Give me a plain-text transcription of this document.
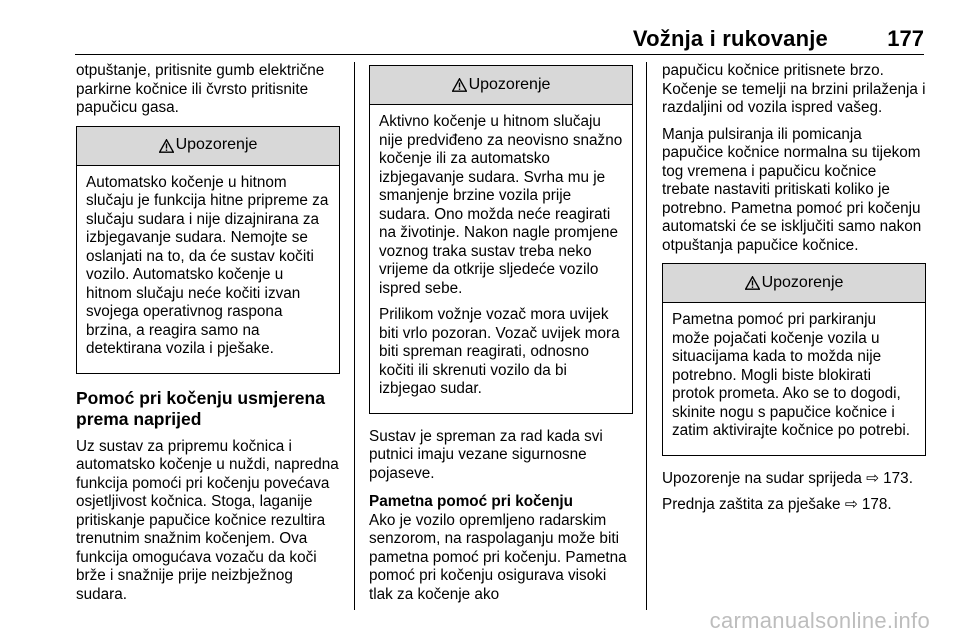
Vožnja i rukovanje	177

otpuštanje, pritisnite gumb električne parkirne kočnice ili čvrsto pritisnite papučicu gasa.

Upozorenje

Automatsko kočenje u hitnom slučaju je funkcija hitne pripreme za slučaju sudara i nije dizajnirana za izbjegavanje sudara. Nemojte se oslanjati na to, da će sustav kočiti vozilo. Automatsko kočenje u hitnom slučaju neće kočiti izvan svojega operativnog raspona brzina, a reagira samo na detektirana vozila i pješake.

Pomoć pri kočenju usmjerena prema naprijed

Uz sustav za pripremu kočnica i automatsko kočenje u nuždi, napredna funkcija pomoći pri kočenju povećava osjetljivost kočnica. Stoga, laganije pritiskanje papučice kočnice rezultira trenutnim snažnim kočenjem. Ova funkcija omogućava vozaču da koči brže i snažnije prije neizbježnog sudara.

Upozorenje

Aktivno kočenje u hitnom slučaju nije predviđeno za neovisno snažno kočenje ili za automatsko izbjegavanje sudara. Svrha mu je smanjenje brzine vozila prije sudara. Ono možda neće reagirati na životinje. Nakon nagle promjene voznog traka sustav treba neko vrijeme da otkrije sljedeće vozilo ispred sebe.

Prilikom vožnje vozač mora uvijek biti vrlo pozoran. Vozač uvijek mora biti spreman reagirati, odnosno kočiti ili skrenuti vozilo da bi izbjegao sudar.

Sustav je spreman za rad kada svi putnici imaju vezane sigurnosne pojaseve.

Pametna pomoć pri kočenju

Ako je vozilo opremljeno radarskim senzorom, na raspolaganju može biti pametna pomoć pri kočenju. Pametna pomoć pri kočenju osigurava visoki tlak za kočenje ako

papučicu kočnice pritisnete brzo. Kočenje se temelji na brzini prilaženja i razdaljini od vozila ispred vašeg.

Manja pulsiranja ili pomicanja papučice kočnice normalna su tijekom tog vremena i papučicu kočnice trebate nastaviti pritiskati koliko je potrebno. Pametna pomoć pri kočenju automatski će se isključiti samo nakon otpuštanja papučice kočnice.

Upozorenje

Pametna pomoć pri parkiranju može pojačati kočenje vozila u situacijama kada to možda nije potrebno. Mogli biste blokirati protok prometa. Ako se to dogodi, skinite nogu s papučice kočnice i zatim aktivirajte kočnice po potrebi.

Upozorenje na sudar sprijeda ⇨ 173.

Prednja zaštita za pješake ⇨ 178.

carmanualsonline.info
